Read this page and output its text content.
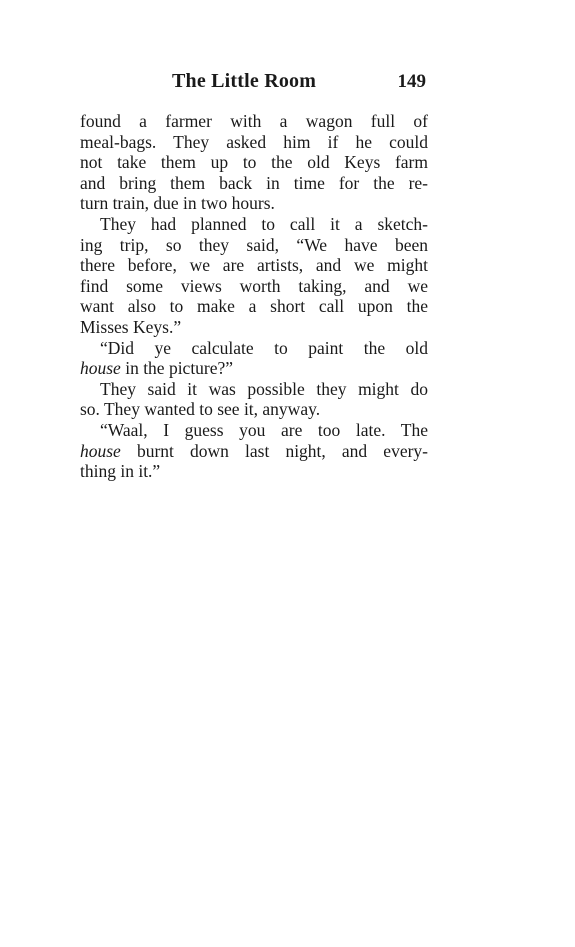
The Little Room	149
found a farmer with a wagon full of
meal-bags. They asked him if he could
not take them up to the old Keys farm
and bring them back in time for the re-
turn train, due in two hours.
They had planned to call it a sketch-
ing trip, so they said, “We have been
there before, we are artists, and we might
find some views worth taking, and we
want also to make a short call upon the
Misses Keys.”
“Did ye calculate to paint the old
house in the picture?”
They said it was possible they might do
so. They wanted to see it, anyway.
“Waal, I guess you are too late. The
house burnt down last night, and every-
thing in it.”
